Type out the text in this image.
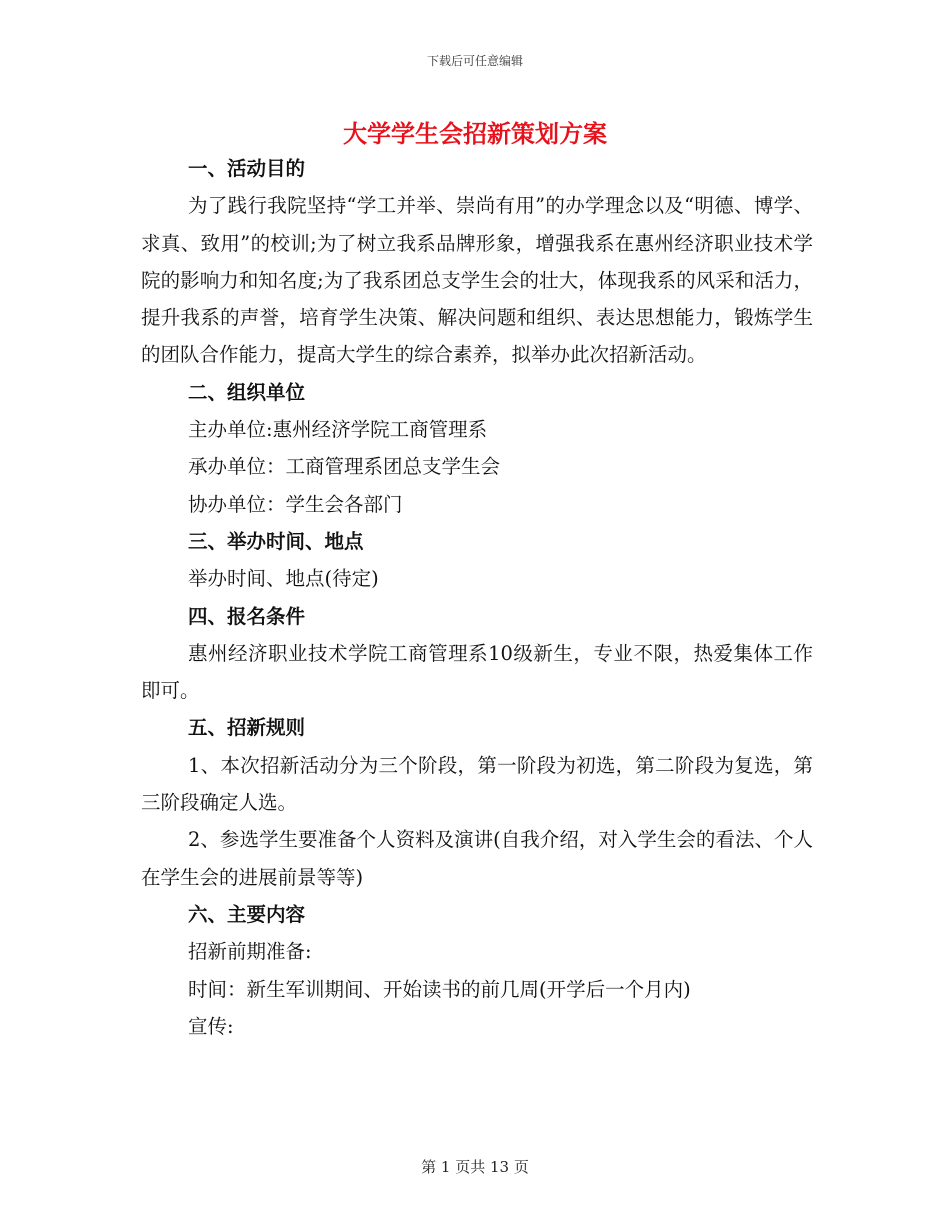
下载后可任意编辑
大学学生会招新策划方案

一、活动目的

为了践行我院坚持“学工并举、崇尚有用”的办学理念以及“明德、博学、求真、致用”的校训;为了树立我系品牌形象，增强我系在惠州经济职业技术学院的影响力和知名度;为了我系团总支学生会的壮大，体现我系的风采和活力，提升我系的声誉，培育学生决策、解决问题和组织、表达思想能力，锻炼学生的团队合作能力，提高大学生的综合素养，拟举办此次招新活动。

二、组织单位

主办单位:惠州经济学院工商管理系

承办单位：工商管理系团总支学生会

协办单位：学生会各部门

三、举办时间、地点

举办时间、地点(待定)

四、报名条件

惠州经济职业技术学院工商管理系10级新生，专业不限，热爱集体工作即可。

五、招新规则

1、本次招新活动分为三个阶段，第一阶段为初选，第二阶段为复选，第三阶段确定人选。

2、参选学生要准备个人资料及演讲(自我介绍，对入学生会的看法、个人在学生会的进展前景等等)

六、主要内容

招新前期准备:

时间：新生军训期间、开始读书的前几周(开学后一个月内)

宣传:

第 1 页共 13 页
